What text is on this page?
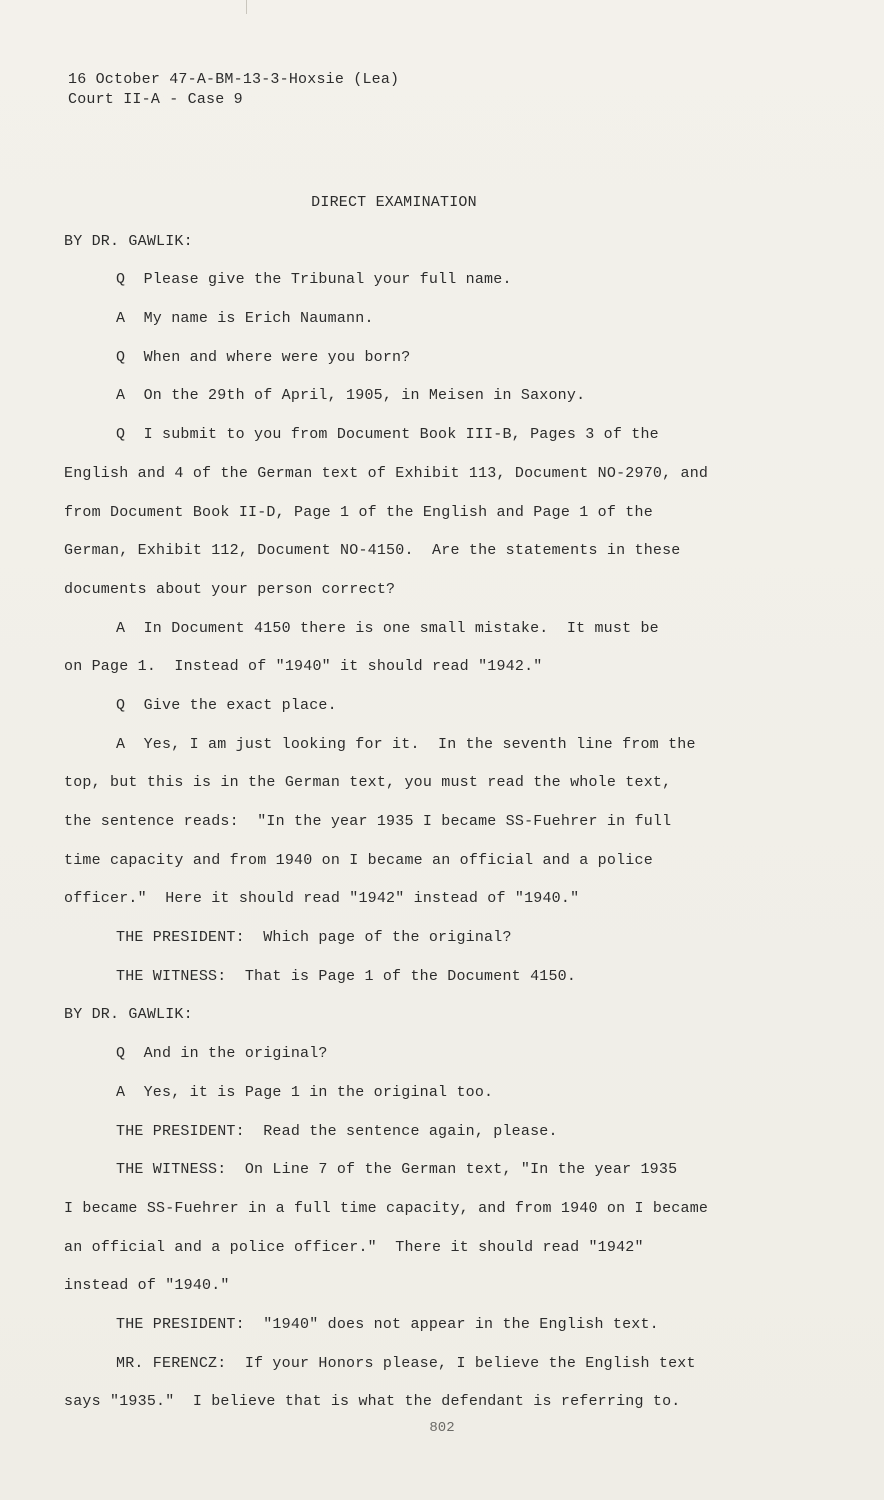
16 October 47-A-BM-13-3-Hoxsie (Lea)
Court II-A - Case 9
DIRECT EXAMINATION
BY DR. GAWLIK:
Q  Please give the Tribunal your full name.
A  My name is Erich Naumann.
Q  When and where were you born?
A  On the 29th of April, 1905, in Meisen in Saxony.
Q  I submit to you from Document Book III-B, Pages 3 of the
English and 4 of the German text of Exhibit 113, Document NO-2970, and
from Document Book II-D, Page 1 of the English and Page 1 of the
German, Exhibit 112, Document NO-4150.  Are the statements in these
documents about your person correct?
A  In Document 4150 there is one small mistake.  It must be
on Page 1.  Instead of "1940" it should read "1942."
Q  Give the exact place.
A  Yes, I am just looking for it.  In the seventh line from the
top, but this is in the German text, you must read the whole text,
the sentence reads:  "In the year 1935 I became SS-Fuehrer in full
time capacity and from 1940 on I became an official and a police
officer."  Here it should read "1942" instead of "1940."
THE PRESIDENT:  Which page of the original?
THE WITNESS:  That is Page 1 of the Document 4150.
BY DR. GAWLIK:
Q  And in the original?
A  Yes, it is Page 1 in the original too.
THE PRESIDENT:  Read the sentence again, please.
THE WITNESS:  On Line 7 of the German text, "In the year 1935
I became SS-Fuehrer in a full time capacity, and from 1940 on I became
an official and a police officer."  There it should read "1942"
instead of "1940."
THE PRESIDENT:  "1940" does not appear in the English text.
MR. FERENCZ:  If your Honors please, I believe the English text
says "1935."  I believe that is what the defendant is referring to.
802
